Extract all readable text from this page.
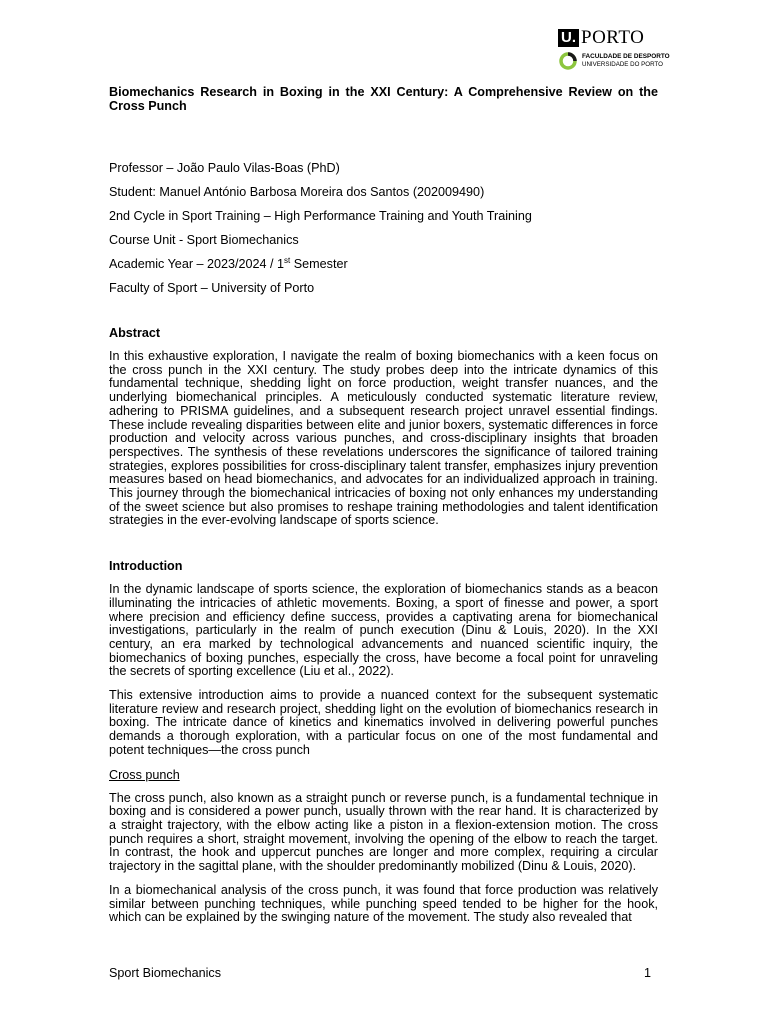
U. PORTO
FACULDADE DE DESPORTO
UNIVERSIDADE DO PORTO
Biomechanics Research in Boxing in the XXI Century: A Comprehensive Review on the Cross Punch
Professor – João Paulo Vilas-Boas (PhD)
Student: Manuel António Barbosa Moreira dos Santos (202009490)
2nd Cycle in Sport Training – High Performance Training and Youth Training
Course Unit - Sport Biomechanics
Academic Year – 2023/2024 / 1st Semester
Faculty of Sport – University of Porto
Abstract

In this exhaustive exploration, I navigate the realm of boxing biomechanics with a keen focus on the cross punch in the XXI century. The study probes deep into the intricate dynamics of this fundamental technique, shedding light on force production, weight transfer nuances, and the underlying biomechanical principles. A meticulously conducted systematic literature review, adhering to PRISMA guidelines, and a subsequent research project unravel essential findings. These include revealing disparities between elite and junior boxers, systematic differences in force production and velocity across various punches, and cross-disciplinary insights that broaden perspectives. The synthesis of these revelations underscores the significance of tailored training strategies, explores possibilities for cross-disciplinary talent transfer, emphasizes injury prevention measures based on head biomechanics, and advocates for an individualized approach in training. This journey through the biomechanical intricacies of boxing not only enhances my understanding of the sweet science but also promises to reshape training methodologies and talent identification strategies in the ever-evolving landscape of sports science.

Introduction

In the dynamic landscape of sports science, the exploration of biomechanics stands as a beacon illuminating the intricacies of athletic movements. Boxing, a sport of finesse and power, a sport where precision and efficiency define success, provides a captivating arena for biomechanical investigations, particularly in the realm of punch execution (Dinu & Louis, 2020). In the XXI century, an era marked by technological advancements and nuanced scientific inquiry, the biomechanics of boxing punches, especially the cross, have become a focal point for unraveling the secrets of sporting excellence (Liu et al., 2022).

This extensive introduction aims to provide a nuanced context for the subsequent systematic literature review and research project, shedding light on the evolution of biomechanics research in boxing. The intricate dance of kinetics and kinematics involved in delivering powerful punches demands a thorough exploration, with a particular focus on one of the most fundamental and potent techniques—the cross punch

Cross punch

The cross punch, also known as a straight punch or reverse punch, is a fundamental technique in boxing and is considered a power punch, usually thrown with the rear hand. It is characterized by a straight trajectory, with the elbow acting like a piston in a flexion-extension motion. The cross punch requires a short, straight movement, involving the opening of the elbow to reach the target. In contrast, the hook and uppercut punches are longer and more complex, requiring a circular trajectory in the sagittal plane, with the shoulder predominantly mobilized (Dinu & Louis, 2020).

In a biomechanical analysis of the cross punch, it was found that force production was relatively similar between punching techniques, while punching speed tended to be higher for the hook, which can be explained by the swinging nature of the movement. The study also revealed that

Sport Biomechanics	1
